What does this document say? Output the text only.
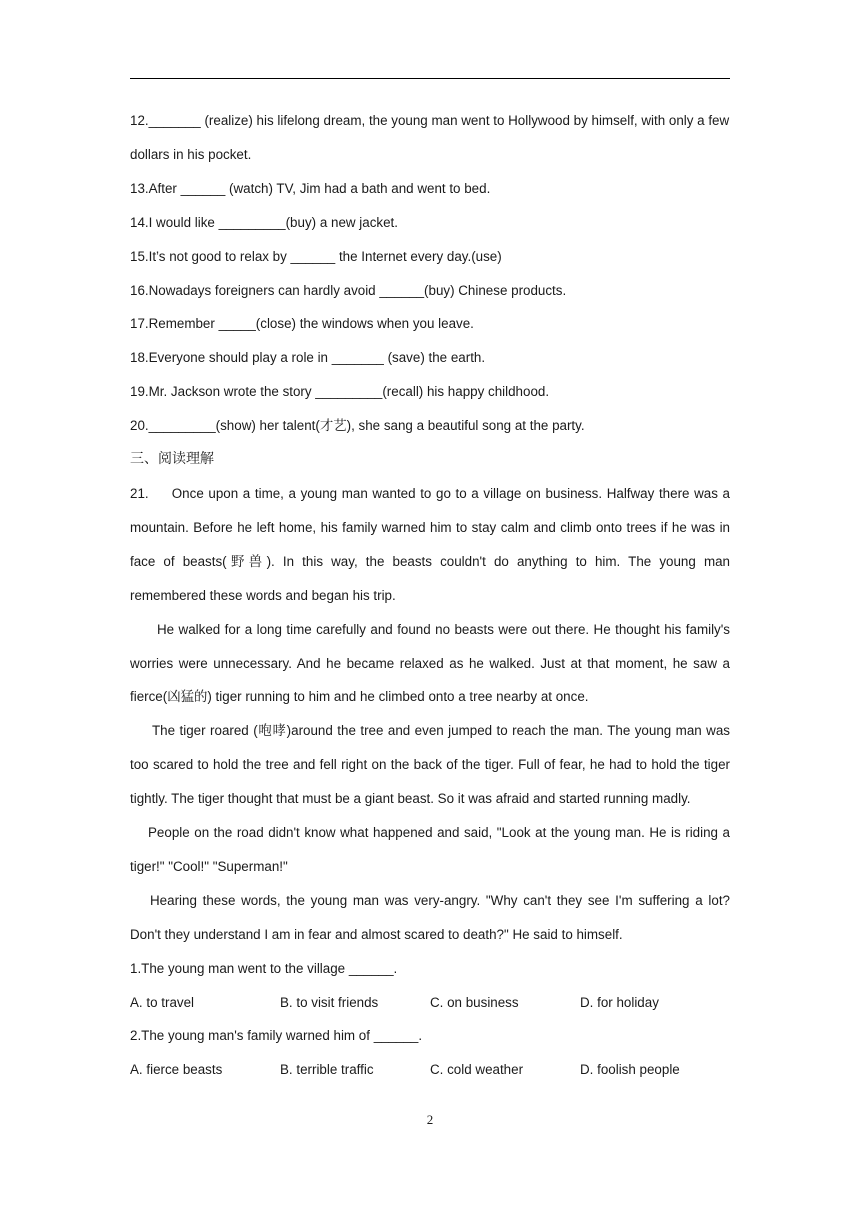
12._______ (realize) his lifelong dream, the young man went to Hollywood by himself, with only a few dollars in his pocket.

13.After ______ (watch) TV, Jim had a bath and went to bed.

14.I would like _________(buy) a new jacket.

15.It’s not good to relax by ______ the Internet every day.(use)

16.Nowadays foreigners can hardly avoid ______(buy) Chinese products.

17.Remember _____(close) the windows when you leave.

18.Everyone should play a role in _______ (save) the earth.

19.Mr. Jackson wrote the story _________(recall) his happy childhood.

20._________(show) her talent(才艺), she sang a beautiful song at the party.

三、阅读理解

21.     Once upon a time, a young man wanted to go to a village on business. Halfway there was a mountain. Before he left home, his family warned him to stay calm and climb onto trees if he was in face of beasts(野兽). In this way, the beasts couldn't do anything to him. The young man remembered these words and began his trip.

He walked for a long time carefully and found no beasts were out there. He thought his family's worries were unnecessary. And he became relaxed as he walked. Just at that moment, he saw a fierce(凶猛的) tiger running to him and he climbed onto a tree nearby at once.

The tiger roared (咆哮)around the tree and even jumped to reach the man. The young man was too scared to hold the tree and fell right on the back of the tiger. Full of fear, he had to hold the tiger tightly. The tiger thought that must be a giant beast. So it was afraid and started running madly.

People on the road didn't know what happened and said, "Look at the young man. He is riding a tiger!" "Cool!" "Superman!"

Hearing these words, the young man was very-angry. "Why can't they see I'm suffering a lot? Don't they understand I am in fear and almost scared to death?" He said to himself.

1.The young man went to the village ______.

A. to travel	B. to visit friends	C. on business	D. for holiday

2.The young man's family warned him of ______.

A. fierce beasts	B. terrible traffic	C. cold weather	D. foolish people
2
